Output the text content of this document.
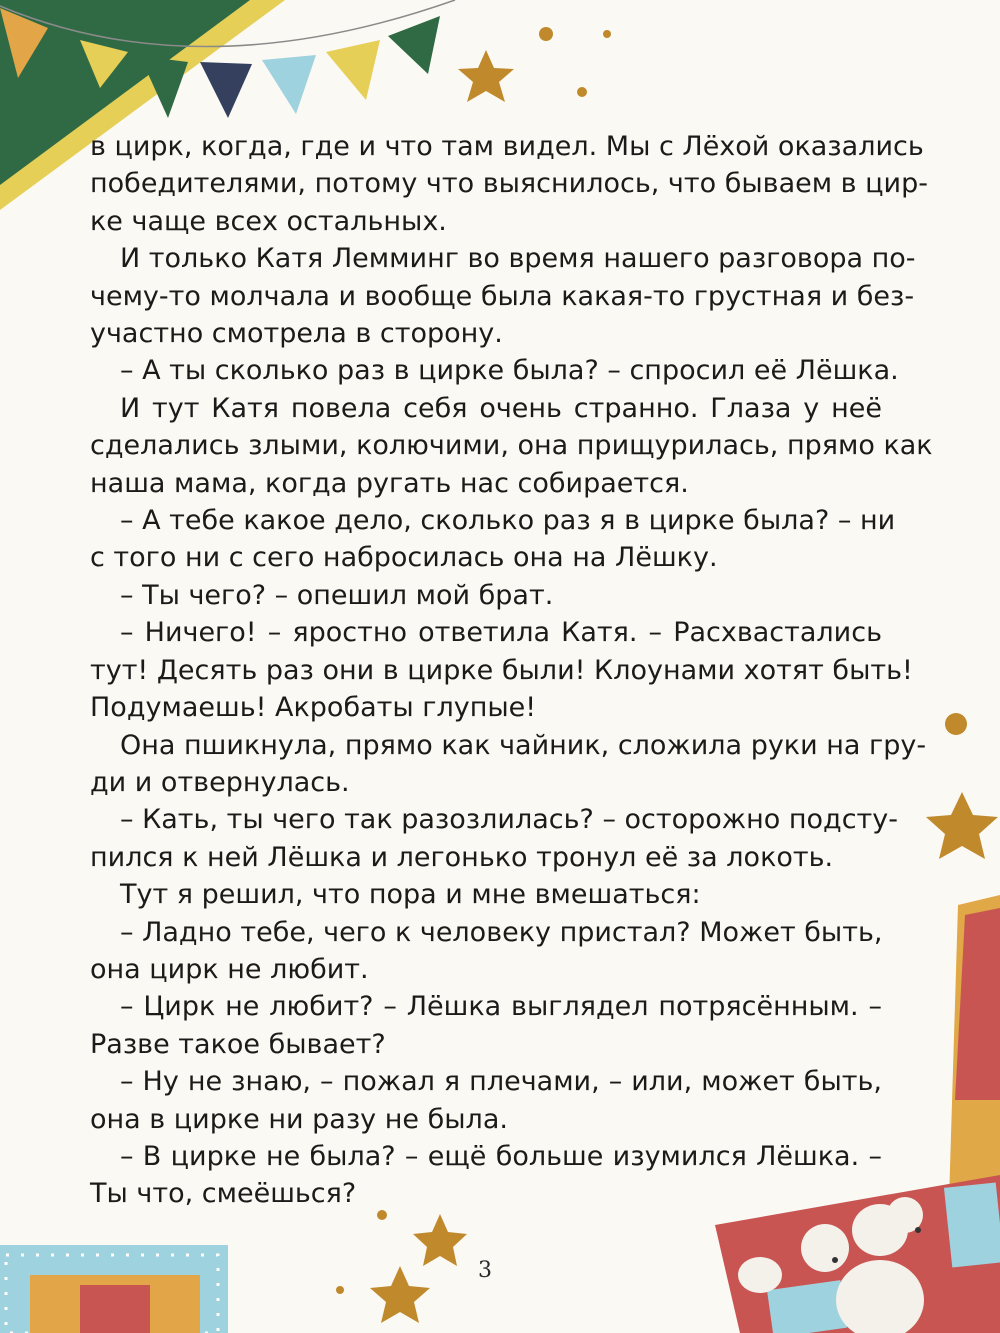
в цирк, когда, где и что там видел. Мы с Лёхой оказались
победителями, потому что выяснилось, что бываем в цир-
ке чаще всех остальных.
И только Катя Лемминг во время нашего разговора по-
чему-то молчала и вообще была какая-то грустная и без-
участно смотрела в сторону.
– А ты сколько раз в цирке была? – спросил её Лёшка.
И тут Катя повела себя очень странно. Глаза у неё
сделались злыми, колючими, она прищурилась, прямо как
наша мама, когда ругать нас собирается.
– А тебе какое дело, сколько раз я в цирке была? – ни
с того ни с сего набросилась она на Лёшку.
– Ты чего? – опешил мой брат.
– Ничего! – яростно ответила Катя. – Расхвастались
тут! Десять раз они в цирке были! Клоунами хотят быть!
Подумаешь! Акробаты глупые!
Она пшикнула, прямо как чайник, сложила руки на гру-
ди и отвернулась.
– Кать, ты чего так разозлилась? – осторожно подсту-
пился к ней Лёшка и легонько тронул её за локоть.
Тут я решил, что пора и мне вмешаться:
– Ладно тебе, чего к человеку пристал? Может быть,
она цирк не любит.
– Цирк не любит? – Лёшка выглядел потрясённым. –
Разве такое бывает?
– Ну не знаю, – пожал я плечами, – или, может быть,
она в цирке ни разу не была.
– В цирке не была? – ещё больше изумился Лёшка. –
Ты что, смеёшься?
3
